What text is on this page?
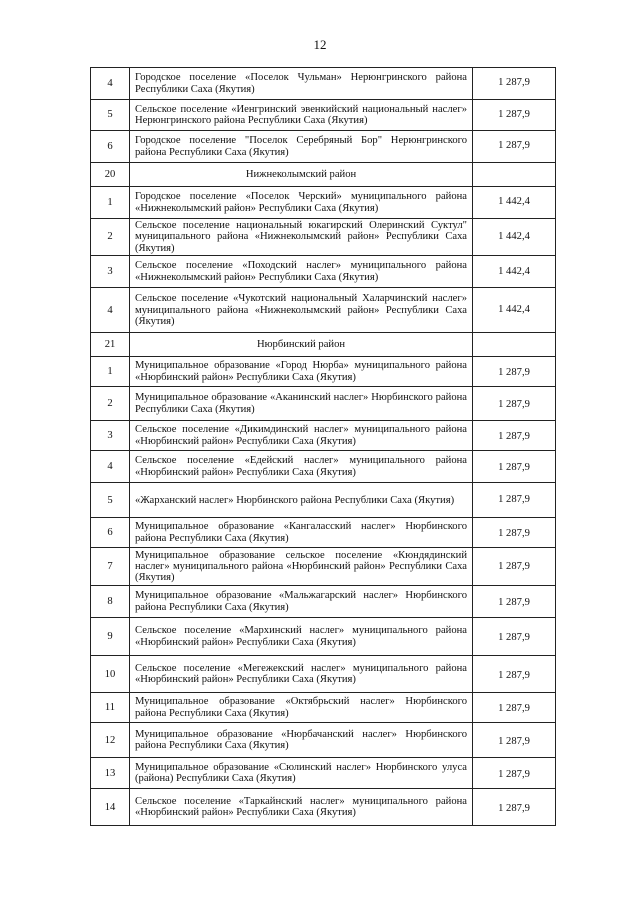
12
4	Городское поселение «Поселок Чульман» Нерюнгринского района Республики Саха (Якутия)	1 287,9
5	Сельское поселение «Иенгринский эвенкийский национальный наслег» Нерюнгринского района Республики Саха (Якутия)	1 287,9
6	Городское поселение "Поселок Серебряный Бор" Нерюнгринского района Республики Саха (Якутия)	1 287,9
20	Нижнеколымский район	
1	Городское поселение «Поселок Черский» муниципального района «Нижнеколымский район» Республики Саха (Якутия)	1 442,4
2	Сельское поселение национальный юкагирский Олеринский Суктул" муниципального района «Нижнеколымский район» Республики Саха (Якутия)	1 442,4
3	Сельское поселение «Походский наслег» муниципального района «Нижнеколымский район» Республики Саха (Якутия)	1 442,4
4	Сельское поселение «Чукотский национальный Халарчинский наслег» муниципального района «Нижнеколымский район» Республики Саха (Якутия)	1 442,4
21	Нюрбинский район	
1	Муниципальное образование «Город Нюрба» муниципального района «Нюрбинский район» Республики Саха (Якутия)	1 287,9
2	Муниципальное образование «Аканинский наслег» Нюрбинского района Республики Саха (Якутия)	1 287,9
3	Сельское поселение «Дикимдинский наслег» муниципального района «Нюрбинский район» Республики Саха (Якутия)	1 287,9
4	Сельское поселение «Едейский наслег» муниципального района «Нюрбинский район» Республики Саха (Якутия)	1 287,9
5	«Жарханский наслег» Нюрбинского района Республики Саха (Якутия)	1 287,9
6	Муниципальное образование «Кангаласский наслег» Нюрбинского района Республики Саха (Якутия)	1 287,9
7	Муниципальное образование сельское поселение «Кюндядинский наслег» муниципального района «Нюрбинский район» Республики Саха (Якутия)	1 287,9
8	Муниципальное образование «Мальжагарский наслег» Нюрбинского района Республики Саха (Якутия)	1 287,9
9	Сельское поселение «Мархинский наслег» муниципального района «Нюрбинский район» Республики Саха (Якутия)	1 287,9
10	Сельское поселение «Мегежекский наслег» муниципального района «Нюрбинский район» Республики Саха (Якутия)	1 287,9
11	Муниципальное образование «Октябрьский наслег» Нюрбинского района Республики Саха (Якутия)	1 287,9
12	Муниципальное образование «Нюрбачанский наслег» Нюрбинского района Республики Саха (Якутия)	1 287,9
13	Муниципальное образование «Сюлинский наслег» Нюрбинского улуса (района) Республики Саха (Якутия)	1 287,9
14	Сельское поселение «Таркайнский наслег» муниципального района «Нюрбинский район» Республики Саха (Якутия)	1 287,9
